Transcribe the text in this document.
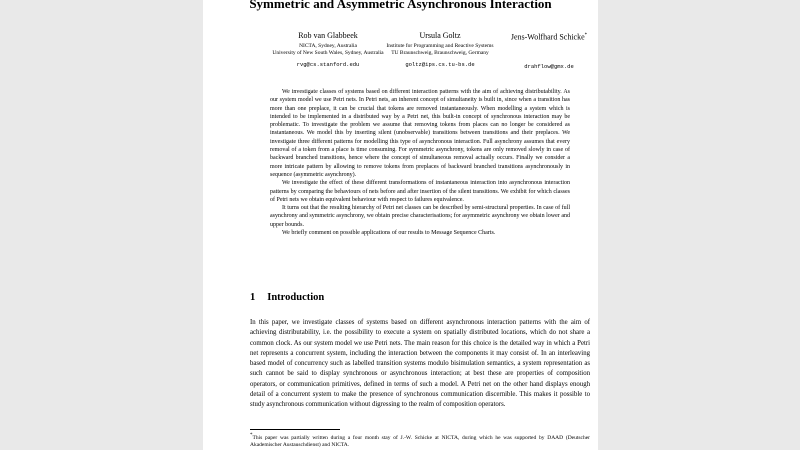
Symmetric and Asymmetric Asynchronous Interaction
Rob van Glabbeek
NICTA, Sydney, Australia
University of New South Wales, Sydney, Australia
rvg@cs.stanford.edu
Ursula Goltz
Institute for Programming and Reactive Systems
TU Braunschweig, Braunschweig, Germany
goltz@ips.cs.tu-bs.de
Jens-Wolfhard Schicke*
drahflow@gmx.de

We investigate classes of systems based on different interaction patterns with the aim of achieving distributability. As our system model we use Petri nets. In Petri nets, an inherent concept of simultaneity is built in, since when a transition has more than one preplace, it can be crucial that tokens are removed instantaneously. When modelling a system which is intended to be implemented in a distributed way by a Petri net, this built-in concept of synchronous interaction may be problematic. To investigate the problem we assume that removing tokens from places can no longer be considered as instantaneous. We model this by inserting silent (unobservable) transitions between transitions and their preplaces. We investigate three different patterns for modelling this type of asynchronous interaction. Full asynchrony assumes that every removal of a token from a place is time consuming. For symmetric asynchrony, tokens are only removed slowly in case of backward branched transitions, hence where the concept of simultaneous removal actually occurs. Finally we consider a more intricate pattern by allowing to remove tokens from preplaces of backward branched transitions asynchronously in sequence (asymmetric asynchrony).

We investigate the effect of these different transformations of instantaneous interaction into asynchronous interaction patterns by comparing the behaviours of nets before and after insertion of the silent transitions. We exhibit for which classes of Petri nets we obtain equivalent behaviour with respect to failures equivalence.

It turns out that the resulting hierarchy of Petri net classes can be described by semi-structural properties. In case of full asynchrony and symmetric asynchrony, we obtain precise characterisations; for asymmetric asynchrony we obtain lower and upper bounds.

We briefly comment on possible applications of our results to Message Sequence Charts.

1 Introduction

In this paper, we investigate classes of systems based on different asynchronous interaction patterns with the aim of achieving distributability, i.e. the possibility to execute a system on spatially distributed locations, which do not share a common clock. As our system model we use Petri nets. The main reason for this choice is the detailed way in which a Petri net represents a concurrent system, including the interaction between the components it may consist of. In an interleaving based model of concurrency such as labelled transition systems modulo bisimulation semantics, a system representation as such cannot be said to display synchronous or asynchronous interaction; at best these are properties of composition operators, or communication primitives, defined in terms of such a model. A Petri net on the other hand displays enough detail of a concurrent system to make the presence of synchronous communication discernible. This makes it possible to study asynchronous communication without digressing to the realm of composition operators.

*This paper was partially written during a four month stay of J.-W. Schicke at NICTA, during which he was supported by DAAD (Deutscher Akademischer Austauschdienst) and NICTA.
